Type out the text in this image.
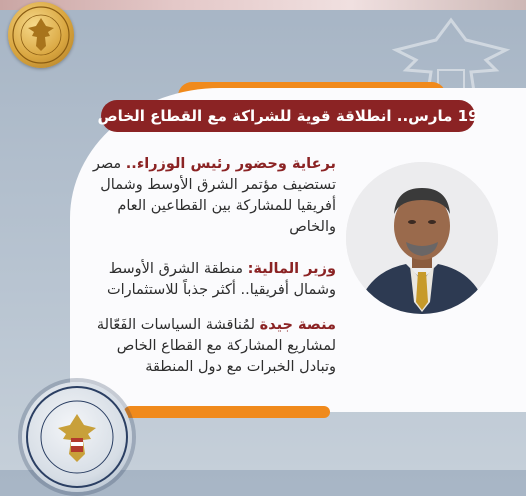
19 مارس.. انطلاقة قوية للشراكة مع القطاع الخاص
برعاية وحضور رئيس الوزراء.. مصر
تستضيف مؤتمر الشرق الأوسط وشمال
أفريقيا للمشاركة بين القطاعين العام
والخاص
وزير المالية: منطقة الشرق الأوسط
وشمال أفريقيا.. أكثر جذباً للاستثمارات
منصة جيدة لمُناقشة السياسات الفَعّالة
لمشاريع المشاركة مع القطاع الخاص
وتبادل الخبرات مع دول المنطقة
